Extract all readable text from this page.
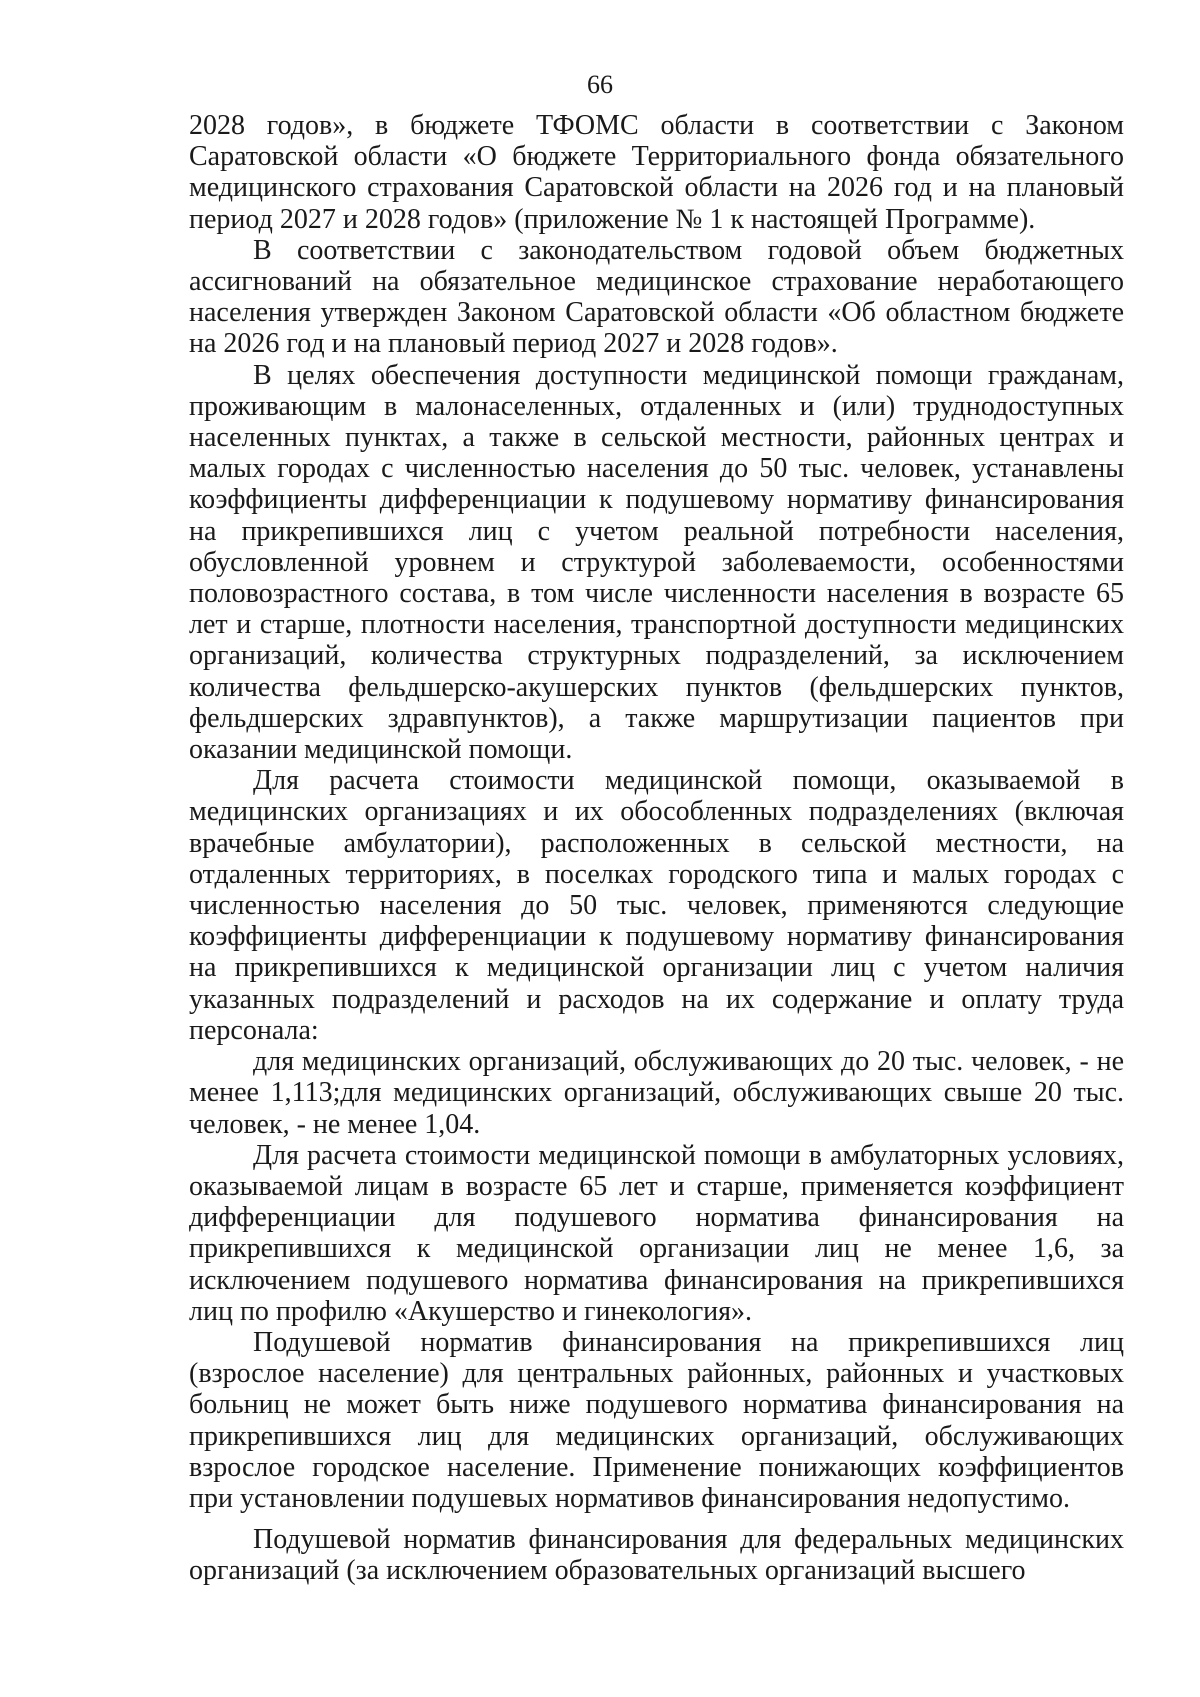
66

2028 годов», в бюджете ТФОМС области в соответствии с Законом Саратовской области «О бюджете Территориального фонда обязательного медицинского страхования Саратовской области на 2026 год и на плановый период 2027 и 2028 годов» (приложение № 1 к настоящей Программе).

В соответствии с законодательством годовой объем бюджетных ассигнований на обязательное медицинское страхование неработающего населения утвержден Законом Саратовской области «Об областном бюджете на 2026 год и на плановый период 2027 и 2028 годов».

В целях обеспечения доступности медицинской помощи гражданам, проживающим в малонаселенных, отдаленных и (или) труднодоступных населенных пунктах, а также в сельской местности, районных центрах и малых городах с численностью населения до 50 тыс. человек, устанавлены коэффициенты дифференциации к подушевому нормативу финансирования на прикрепившихся лиц с учетом реальной потребности населения, обусловленной уровнем и структурой заболеваемости, особенностями половозрастного состава, в том числе численности населения в возрасте 65 лет и старше, плотности населения, транспортной доступности медицинских организаций, количества структурных подразделений, за исключением количества фельдшерско-акушерских пунктов (фельдшерских пунктов, фельдшерских здравпунктов), а также маршрутизации пациентов при оказании медицинской помощи.

Для расчета стоимости медицинской помощи, оказываемой в медицинских организациях и их обособленных подразделениях (включая врачебные амбулатории), расположенных в сельской местности, на отдаленных территориях, в поселках городского типа и малых городах с численностью населения до 50 тыс. человек, применяются следующие коэффициенты дифференциации к подушевому нормативу финансирования на прикрепившихся к медицинской организации лиц с учетом наличия указанных подразделений и расходов на их содержание и оплату труда персонала:

для медицинских организаций, обслуживающих до 20 тыс. человек, - не менее 1,113;для медицинских организаций, обслуживающих свыше 20 тыс. человек, - не менее 1,04.

Для расчета стоимости медицинской помощи в амбулаторных условиях, оказываемой лицам в возрасте 65 лет и старше, применяется коэффициент дифференциации для подушевого норматива финансирования на прикрепившихся к медицинской организации лиц не менее 1,6, за исключением подушевого норматива финансирования на прикрепившихся лиц по профилю «Акушерство и гинекология».

Подушевой норматив финансирования на прикрепившихся лиц (взрослое население) для центральных районных, районных и участковых больниц не может быть ниже подушевого норматива финансирования на прикрепившихся лиц для медицинских организаций, обслуживающих взрослое городское население. Применение понижающих коэффициентов при установлении подушевых нормативов финансирования недопустимо.

Подушевой норматив финансирования для федеральных медицинских организаций (за исключением образовательных организаций высшего
